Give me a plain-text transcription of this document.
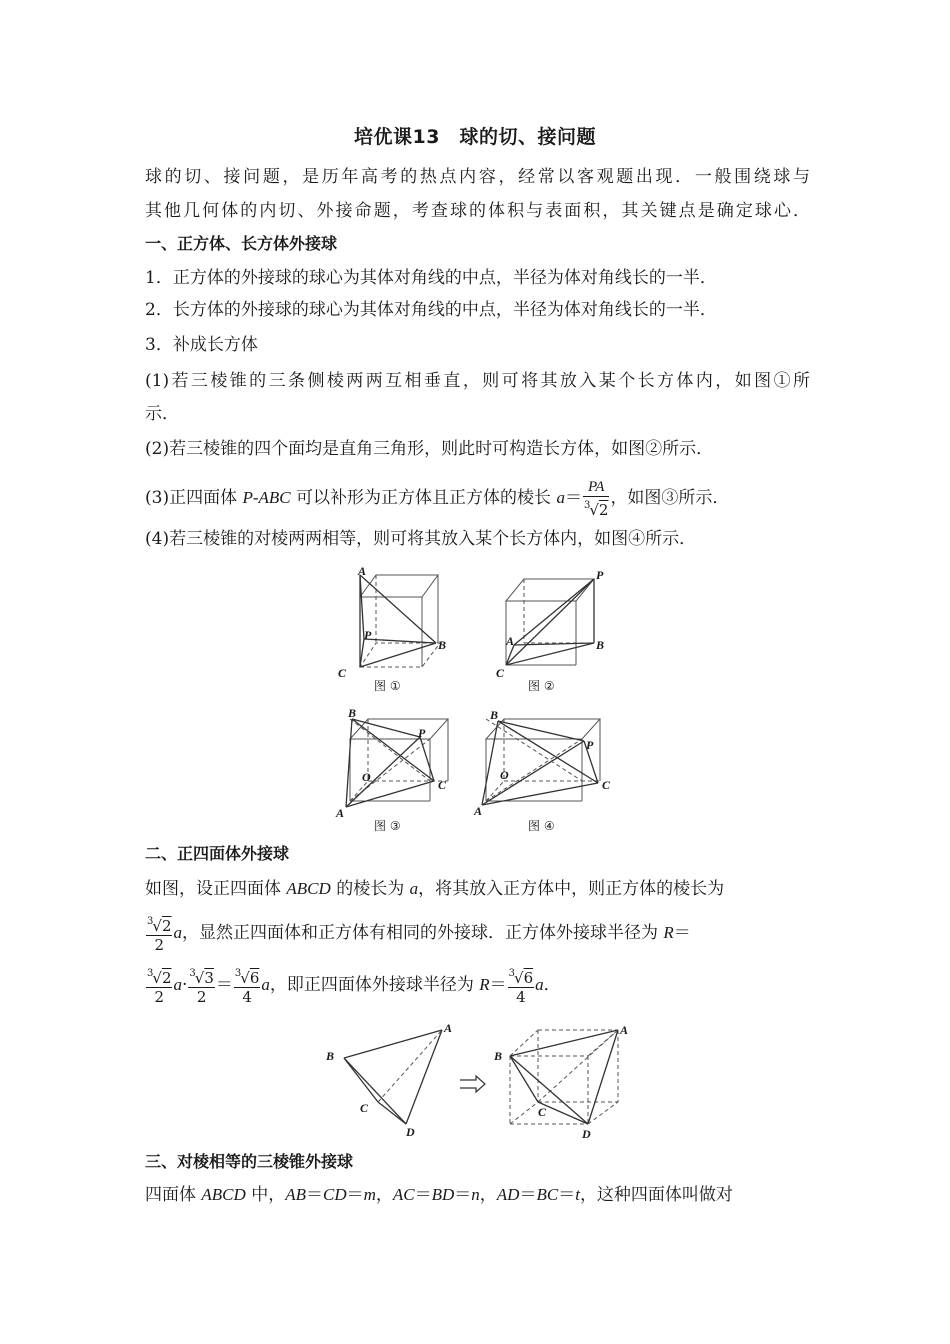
培优课13　球的切、接问题
球的切、接问题，是历年高考的热点内容，经常以客观题出现．一般围绕球与
其他几何体的内切、外接命题，考查球的体积与表面积，其关键点是确定球心．
一、正方体、长方体外接球
1．正方体的外接球的球心为其体对角线的中点，半径为体对角线长的一半．
2．长方体的外接球的球心为其体对角线的中点，半径为体对角线长的一半．
3．补成长方体
(1)若三棱锥的三条侧棱两两互相垂直，则可将其放入某个长方体内，如图①所
示．
(2)若三棱锥的四个面均是直角三角形，则此时可构造长方体，如图②所示．
(3)正四面体 P-ABC 可以补形为正方体且正方体的棱长 $a= \frac{PA}{^3√2}$ ，如图③所示．
(4)若三棱锥的对棱两两相等，则可将其放入某个长方体内，如图④所示．
A
P
B
C
图 ①
P
A	B
C
图 ②
B
P
O
C
A
图 ③
B
P
O
C
A
图 ④
二、正四面体外接球
如图，设正四面体 ABCD 的棱长为 a，将其放入正方体中，则正方体的棱长为
$\frac{^3√2}{2}$ a，显然正四面体和正方体有相同的外接球．正方体外接球半径为 R＝
$\frac{^3√2}{2} a\cdot \frac{^3√3}{2} = \frac{^3√6}{4}$ a，即正四面体外接球半径为 $R= \frac{^3√6}{4}$ a．
A
B
C
D
A
B
C
D
三、对棱相等的三棱锥外接球
四面体 ABCD 中，AB＝CD＝m，AC＝BD＝n，AD＝BC＝t，这种四面体叫做对
